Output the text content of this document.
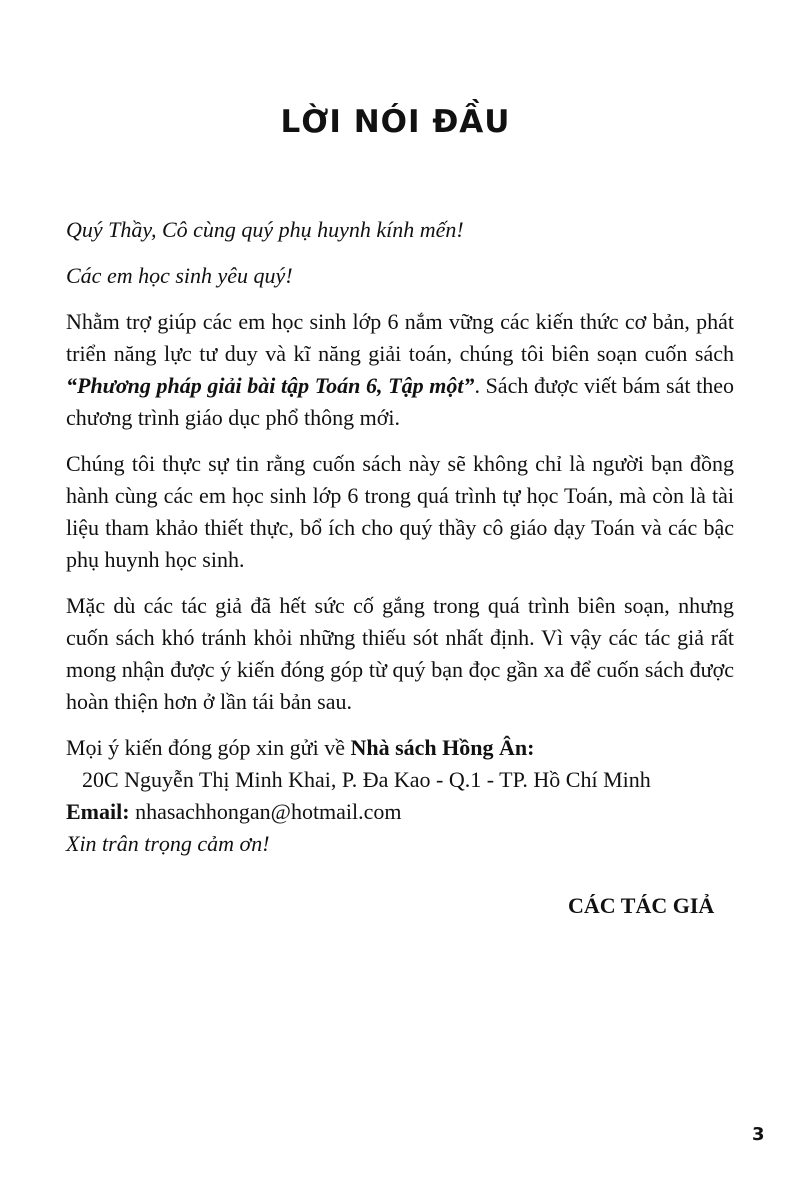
LỜI NÓI ĐẦU

Quý Thầy, Cô cùng quý phụ huynh kính mến!

Các em học sinh yêu quý!

Nhằm trợ giúp các em học sinh lớp 6 nắm vững các kiến thức cơ bản, phát triển năng lực tư duy và kĩ năng giải toán, chúng tôi biên soạn cuốn sách “Phương pháp giải bài tập Toán 6, Tập một”. Sách được viết bám sát theo chương trình giáo dục phổ thông mới.

Chúng tôi thực sự tin rằng cuốn sách này sẽ không chỉ là người bạn đồng hành cùng các em học sinh lớp 6 trong quá trình tự học Toán, mà còn là tài liệu tham khảo thiết thực, bổ ích cho quý thầy cô giáo dạy Toán và các bậc phụ huynh học sinh.

Mặc dù các tác giả đã hết sức cố gắng trong quá trình biên soạn, nhưng cuốn sách khó tránh khỏi những thiếu sót nhất định. Vì vậy các tác giả rất mong nhận được ý kiến đóng góp từ quý bạn đọc gần xa để cuốn sách được hoàn thiện hơn ở lần tái bản sau.

Mọi ý kiến đóng góp xin gửi về Nhà sách Hồng Ân:

20C Nguyễn Thị Minh Khai, P. Đa Kao - Q.1 - TP. Hồ Chí Minh

Email: nhasachhongan@hotmail.com

Xin trân trọng cảm ơn!

CÁC TÁC GIẢ
3
